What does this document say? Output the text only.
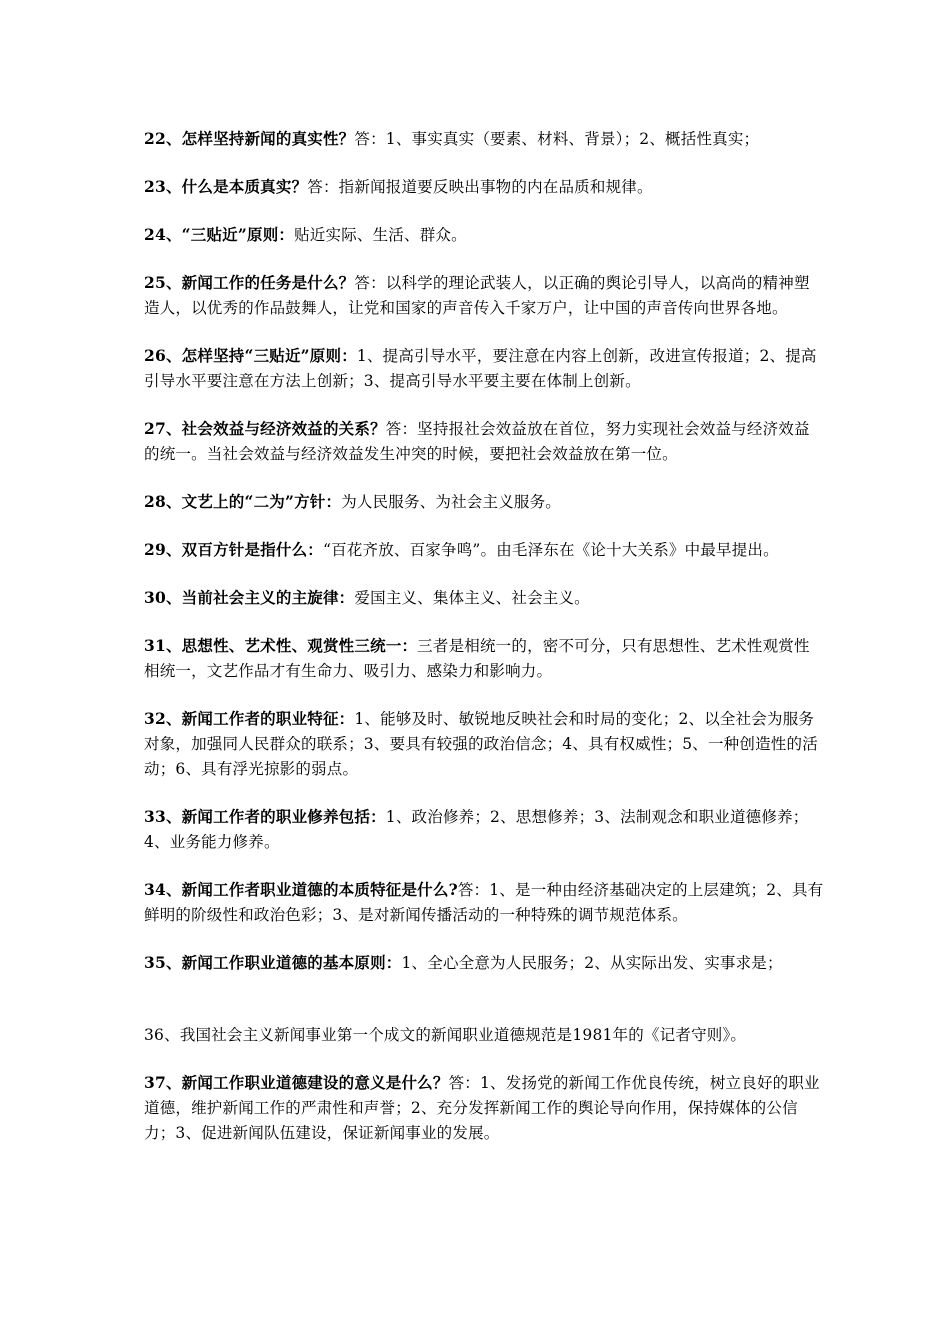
22、怎样坚持新闻的真实性？答：1、事实真实（要素、材料、背景）；2、概括性真实；

23、什么是本质真实？答：指新闻报道要反映出事物的内在品质和规律。

24、“三贴近”原则：贴近实际、生活、群众。

25、新闻工作的任务是什么？答：以科学的理论武装人，以正确的舆论引导人，以高尚的精神塑造人，以优秀的作品鼓舞人，让党和国家的声音传入千家万户，让中国的声音传向世界各地。

26、怎样坚持“三贴近”原则：1、提高引导水平，要注意在内容上创新，改进宣传报道；2、提高引导水平要注意在方法上创新；3、提高引导水平要主要在体制上创新。

27、社会效益与经济效益的关系？答：坚持报社会效益放在首位，努力实现社会效益与经济效益的统一。当社会效益与经济效益发生冲突的时候，要把社会效益放在第一位。

28、文艺上的“二为”方针：为人民服务、为社会主义服务。

29、双百方针是指什么：“百花齐放、百家争鸣”。由毛泽东在《论十大关系》中最早提出。

30、当前社会主义的主旋律：爱国主义、集体主义、社会主义。

31、思想性、艺术性、观赏性三统一：三者是相统一的，密不可分，只有思想性、艺术性观赏性相统一，文艺作品才有生命力、吸引力、感染力和影响力。

32、新闻工作者的职业特征：1、能够及时、敏锐地反映社会和时局的变化；2、以全社会为服务对象，加强同人民群众的联系；3、要具有较强的政治信念；4、具有权威性；5、一种创造性的活动；6、具有浮光掠影的弱点。

33、新闻工作者的职业修养包括：1、政治修养；2、思想修养；3、法制观念和职业道德修养；4、业务能力修养。

34、新闻工作者职业道德的本质特征是什么?答：1、是一种由经济基础决定的上层建筑；2、具有鲜明的阶级性和政治色彩；3、是对新闻传播活动的一种特殊的调节规范体系。

35、新闻工作职业道德的基本原则：1、全心全意为人民服务；2、从实际出发、实事求是；

36、我国社会主义新闻事业第一个成文的新闻职业道德规范是1981年的《记者守则》。

37、新闻工作职业道德建设的意义是什么？答：1、发扬党的新闻工作优良传统，树立良好的职业道德，维护新闻工作的严肃性和声誉；2、充分发挥新闻工作的舆论导向作用，保持媒体的公信力；3、促进新闻队伍建设，保证新闻事业的发展。
